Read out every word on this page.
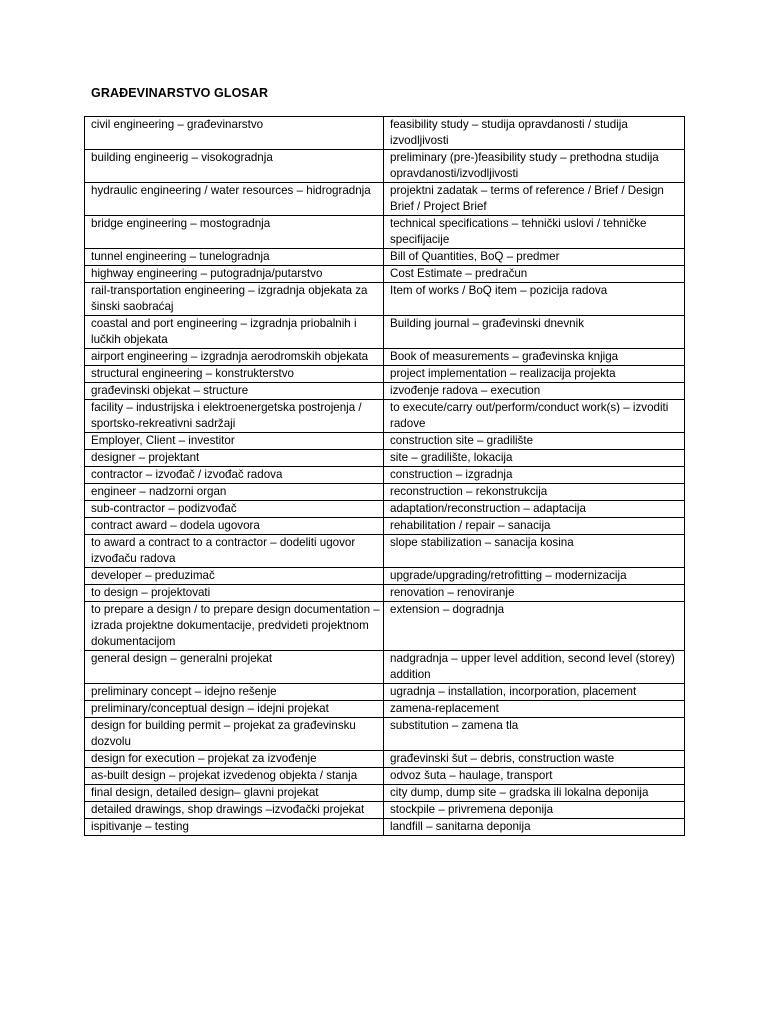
GRAĐEVINARSTVO GLOSAR
civil engineering – građevinarstvo	feasibility study – studija opravdanosti / studija izvodljivosti
building engineerig – visokogradnja	preliminary (pre-)feasibility study – prethodna studija opravdanosti/izvodljivosti
hydraulic engineering / water resources – hidrogradnja	projektni zadatak – terms of reference / Brief / Design Brief / Project Brief
bridge engineering – mostogradnja	technical specifications – tehnički uslovi / tehničke specifijacije
tunnel engineering – tunelogradnja	Bill of Quantities, BoQ – predmer
highway engineering – putogradnja/putarstvo	Cost Estimate – predračun
rail-transportation engineering – izgradnja objekata za šinski saobraćaj	Item of works / BoQ item – pozicija radova
coastal and port engineering – izgradnja priobalnih i lučkih objekata	Building journal – građevinski dnevnik
airport engineering – izgradnja aerodromskih objekata	Book of measurements – građevinska knjiga
structural engineering – konstrukterstvo	project implementation – realizacija projekta
građevinski objekat – structure	izvođenje radova – execution
facility – industrijska i elektroenergetska postrojenja / sportsko-rekreativni sadržaji	to execute/carry out/perform/conduct work(s) – izvoditi radove
Employer, Client – investitor	construction site – gradilište
designer – projektant	site – gradilište, lokacija
contractor – izvođač / izvođač radova	construction – izgradnja
engineer – nadzorni organ	reconstruction – rekonstrukcija
sub-contractor – podizvođač	adaptation/reconstruction – adaptacija
contract award – dodela ugovora	rehabilitation / repair – sanacija
to award a contract to a contractor – dodeliti ugovor izvođaču radova	slope stabilization – sanacija kosina
developer – preduzimač	upgrade/upgrading/retrofitting – modernizacija
to design – projektovati	renovation – renoviranje
to prepare a design / to prepare design documentation – izrada projektne dokumentacije, predvideti projektnom dokumentacijom	extension – dogradnja
general design – generalni projekat	nadgradnja – upper level addition, second level (storey) addition
preliminary concept – idejno rešenje	ugradnja – installation, incorporation, placement
preliminary/conceptual design – idejni projekat	zamena-replacement
design for building permit – projekat za građevinsku dozvolu	substitution – zamena tla
design for execution – projekat za izvođenje	građevinski šut – debris, construction waste
as-built design – projekat izvedenog objekta / stanja	odvoz šuta – haulage, transport
final design, detailed design– glavni projekat	city dump, dump site – gradska ili lokalna deponija
detailed drawings, shop drawings –izvođački projekat	stockpile – privremena deponija
ispitivanje – testing	landfill – sanitarna deponija
